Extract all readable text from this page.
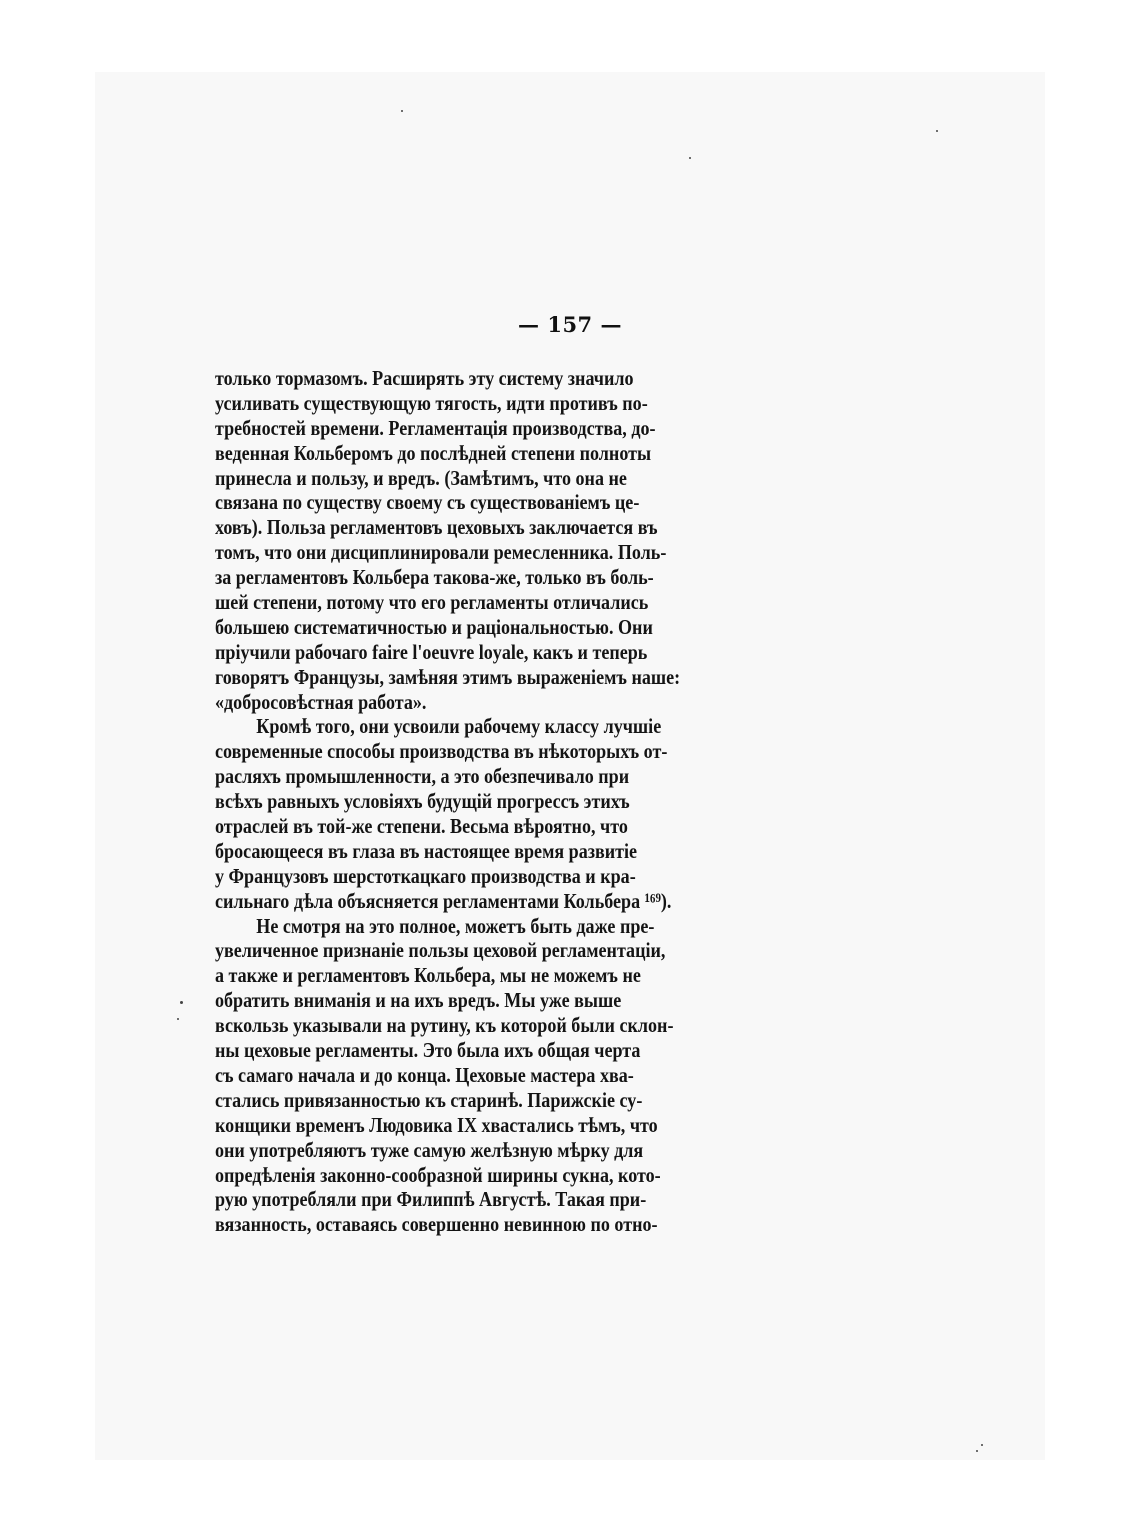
— 157 —
только тормазомъ. Расширять эту систему значило
усиливать существующую тягость, идти противъ по-
требностей времени. Регламентація производства, до-
веденная Кольберомъ до послѣдней степени полноты
принесла и пользу, и вредъ. (Замѣтимъ, что она не
связана по существу своему съ существованіемъ це-
ховъ). Польза регламентовъ цеховыхъ заключается въ
томъ, что они дисциплинировали ремесленника. Поль-
за регламентовъ Кольбера такова-же, только въ боль-
шей степени, потому что его регламенты отличались
большею систематичностью и раціональностью. Они
пріучили рабочаго faire l'oeuvre loyale, какъ и теперь
говорятъ Французы, замѣняя этимъ выраженіемъ наше:
«добросовѣстная работа».
Кромѣ того, они усвоили рабочему классу лучшіе
современные способы производства въ нѣкоторыхъ от-
расляхъ промышленности, а это обезпечивало при
всѣхъ равныхъ условіяхъ будущій прогрессъ этихъ
отраслей въ той-же степени. Весьма вѣроятно, что
бросающееся въ глаза въ настоящее время развитіе
у Французовъ шерстоткацкаго производства и кра-
сильнаго дѣла объясняется регламентами Кольбера ¹⁶⁹).
Не смотря на это полное, можетъ быть даже пре-
увеличенное признаніе пользы цеховой регламентаціи,
а также и регламентовъ Кольбера, мы не можемъ не
обратить вниманія и на ихъ вредъ. Мы уже выше
вскользь указывали на рутину, къ которой были склон-
ны цеховые регламенты. Это была ихъ общая черта
съ самаго начала и до конца. Цеховые мастера хва-
стались привязанностью къ старинѣ. Парижскіе су-
конщики временъ Людовика IX хвастались тѣмъ, что
они употребляютъ туже самую желѣзную мѣрку для
опредѣленія законно-сообразной ширины сукна, кото-
рую употребляли при Филиппѣ Августѣ. Такая при-
вязанность, оставаясь совершенно невинною по отно-
